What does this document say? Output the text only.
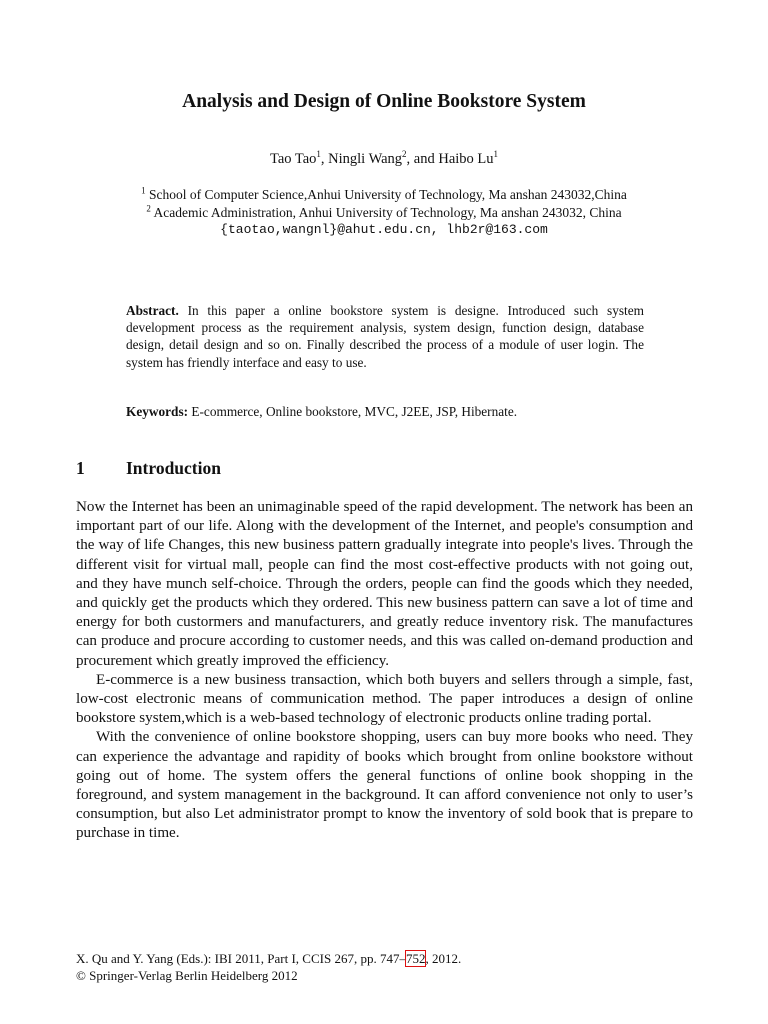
Analysis and Design of Online Bookstore System
Tao Tao$^1$, Ningli Wang$^2$, and Haibo Lu$^1$
$^1$ School of Computer Science,Anhui University of Technology, Ma anshan 243032,China
$^2$ Academic Administration, Anhui University of Technology, Ma anshan 243032, China
{taotao,wangnl}@ahut.edu.cn, lhb2r@163.com
Abstract. In this paper a online bookstore system is designe. Introduced such system development process as the requirement analysis, system design, function design, database design, detail design and so on. Finally described the process of a module of user login. The system has friendly interface and easy to use.
Keywords: E-commerce, Online bookstore, MVC, J2EE, JSP, Hibernate.
1 Introduction

Now the Internet has been an unimaginable speed of the rapid development. The network has been an important part of our life. Along with the development of the Internet, and people's consumption and the way of life Changes, this new business pattern gradually integrate into people's lives. Through the different visit for virtual mall, people can find the most cost-effective products with not going out, and they have munch self-choice. Through the orders, people can find the goods which they needed, and quickly get the products which they ordered. This new business pattern can save a lot of time and energy for both custormers and manufacturers, and greatly reduce inventory risk. The manufactures can produce and procure according to customer needs, and this was called on-demand production and procurement which greatly improved the efficiency.

E-commerce is a new business transaction, which both buyers and sellers through a simple, fast, low-cost electronic means of communication method. The paper introduces a design of online bookstore system,which is a web-based technology of electronic products online trading portal.

With the convenience of online bookstore shopping, users can buy more books who need. They can experience the advantage and rapidity of books which brought from online bookstore without going out of home. The system offers the general functions of online book shopping in the foreground, and system management in the background. It can afford convenience not only to user’s consumption, but also Let administrator prompt to know the inventory of sold book that is prepare to purchase in time.

X. Qu and Y. Yang (Eds.): IBI 2011, Part I, CCIS 267, pp. 747–752, 2012.
© Springer-Verlag Berlin Heidelberg 2012
